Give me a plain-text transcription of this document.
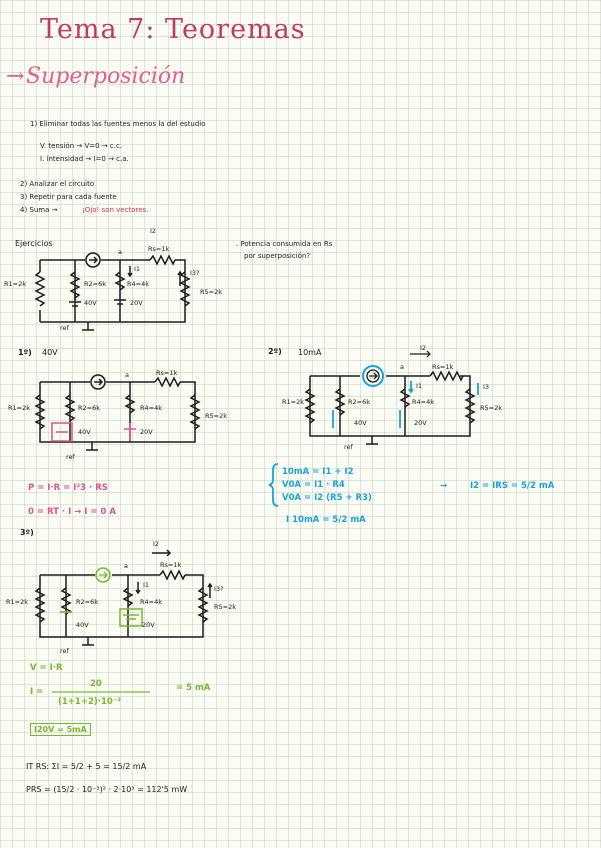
Tema 7: Teoremas
→ Superposición
1) Eliminar todas las fuentes menos la del estudio
V. tensión → V=0 → c.c.
I. intensidad → I=0 → c.a.
2) Analizar el circuito
3) Repetir para cada fuente
4) Suma →	¡Ojo! son vectores.
Ejercicios	. Potencia consumida en Rs
por superposición?
R1=2k	R2=6k	R4=4k
R5=2k
Rs=1k
40V	20V
a
I1
I2
I3?
ref
1º) 40V
R1=2k	R2=6k	R4=4k
R5=2k
Rs=1k
40V	20V
a
ref
P = I·R = I²3 · RS
0 = RT · I → I = 0 A
2º) 10mA
R1=2k	R2=6k	R4=4k
R5=2k
Rs=1k
40V	20V
a
I1
I2
I3
ref
10mA = I1 + I2
V0A = I1 · R4
V0A = I2 (R5 + R3)
→	I2 = IRS = 5/2 mA
I 10mA = 5/2 mA
3º)
R1=2k	R2=6k	R4=4k
R5=2k
Rs=1k
40V	20V
a
I1
I2
I3?
ref
V = I·R
I =
20
(1+1+2)·10⁻³
= 5 mA
I20V = 5mA
IT RS: ΣI = 5/2 + 5 = 15/2 mA
PRS = (15/2 · 10⁻³)² · 2·10³ = 112'5 mW
